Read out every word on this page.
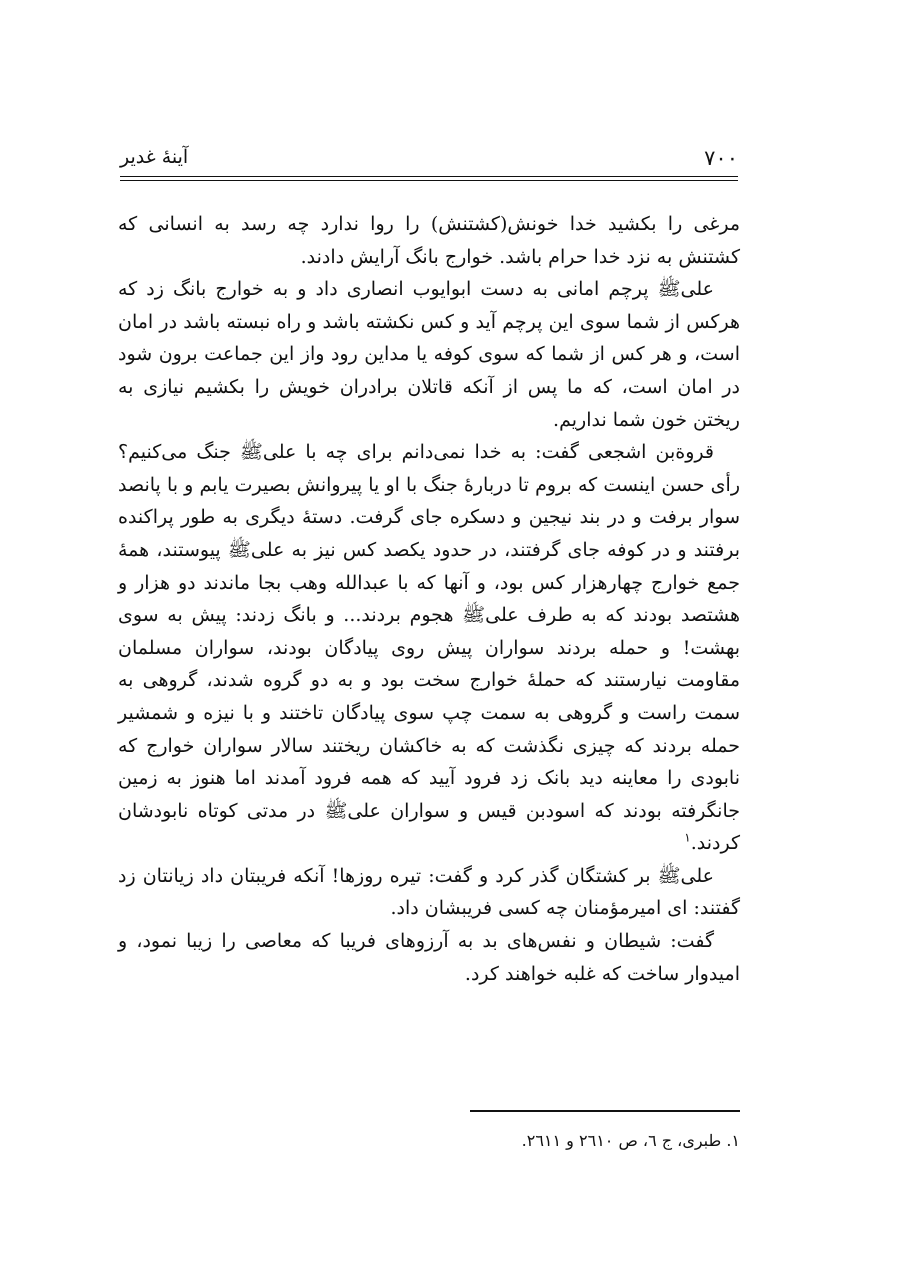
۷۰۰
آینهٔ غدیر

مرغی را بکشید خدا خونش(کشتنش) را روا ندارد چه رسد به انسانی که کشتنش به نزد خدا حرام باشد. خوارج بانگ آرایش دادند.

علیﷺ پرچم امانی به دست ابوایوب انصاری داد و به خوارج بانگ زد که هرکس از شما سوی این پرچم آید و کس نکشته باشد و راه نبسته باشد در امان است، و هر کس از شما که سوی کوفه یا مداین رود واز این جماعت برون شود در امان است، که ما پس از آنکه قاتلان برادران خویش را بکشیم نیازی به ریختن خون شما نداریم.

قروةبن اشجعی گفت: به خدا نمی‌دانم برای چه با علیﷺ جنگ می‌کنیم؟ رأی حسن اینست که بروم تا دربارهٔ جنگ با او یا پیروانش بصیرت یابم و با پانصد سوار برفت و در بند نیجین و دسکره جای گرفت. دستهٔ دیگری به طور پراکنده برفتند و در کوفه جای گرفتند، در حدود یکصد کس نیز به علیﷺ پیوستند، همهٔ جمع خوارج چهارهزار کس بود، و آنها که با عبدالله وهب بجا ماندند دو هزار و هشتصد بودند که به طرف علیﷺ هجوم بردند... و بانگ زدند: پیش به سوی بهشت! و حمله بردند سواران پیش روی پیادگان بودند، سواران مسلمان مقاومت نیارستند که حملهٔ خوارج سخت بود و به دو گروه شدند، گروهی به سمت راست و گروهی به سمت چپ سوی پیادگان تاختند و با نیزه و شمشیر حمله بردند که چیزی نگذشت که به خاکشان ریختند سالار سواران خوارج که نابودی را معاینه دید بانک زد فرود آیید که همه فرود آمدند اما هنوز به زمین جانگرفته بودند که اسودبن قیس و سواران علیﷺ در مدتی کوتاه نابودشان کردند.$^۱$

علیﷺ بر کشتگان گذر کرد و گفت: تیره روزها! آنکه فریبتان داد زیانتان زد گفتند: ای امیرمؤمنان چه کسی فریبشان داد.

گفت: شیطان و نفس‌های بد به آرزوهای فریبا که معاصی را زیبا نمود، و امیدوار ساخت که غلبه خواهند کرد.

۱. طبری، ج ٦، ص ٢٦١٠ و ٢٦١١.
